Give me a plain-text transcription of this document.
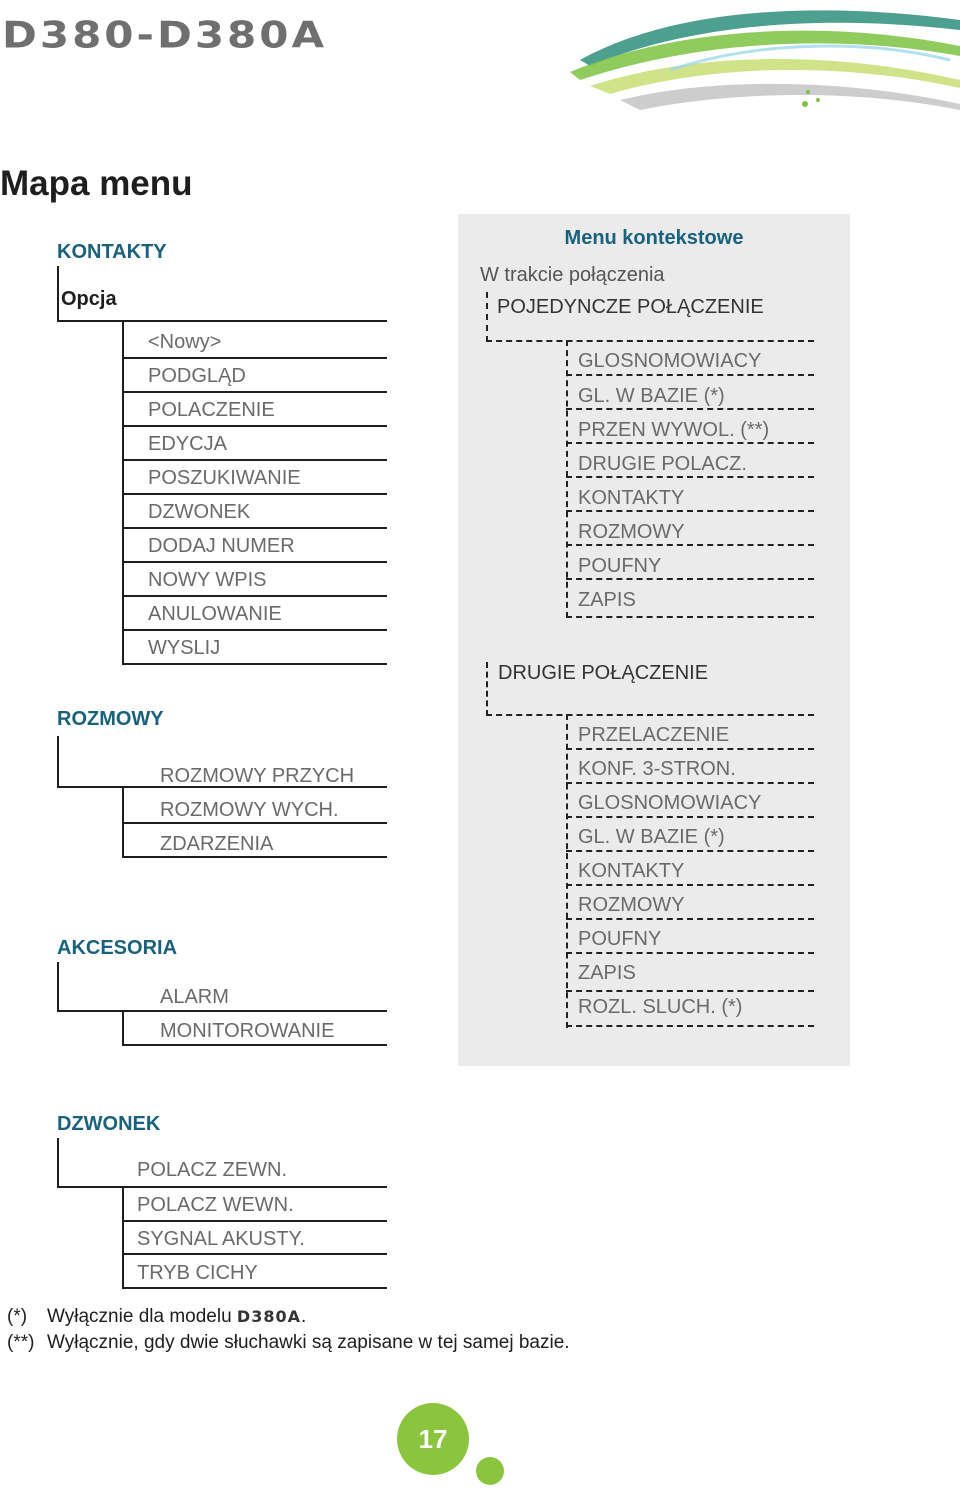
D380-D380A
Mapa menu
KONTAKTY
Opcja
<Nowy>
PODGLĄD
POLACZENIE
EDYCJA
POSZUKIWANIE
DZWONEK
DODAJ NUMER
NOWY WPIS
ANULOWANIE
WYSLIJ
ROZMOWY
ROZMOWY PRZYCH
ROZMOWY WYCH.
ZDARZENIA
AKCESORIA
ALARM
MONITOROWANIE
Menu kontekstowe
W trakcie połączenia
POJEDYNCZE POŁĄCZENIE
GLOSNOMOWIACY
GL. W BAZIE (*)
PRZEN WYWOL. (**)
DRUGIE POLACZ.
KONTAKTY
ROZMOWY
POUFNY
ZAPIS
DRUGIE POŁĄCZENIE
PRZELACZENIE
KONF. 3-STRON.
GLOSNOMOWIACY
GL. W BAZIE (*)
KONTAKTY
ROZMOWY
POUFNY
ZAPIS
ROZL. SLUCH. (*)
DZWONEK
POLACZ ZEWN.
POLACZ WEWN.
SYGNAL AKUSTY.
TRYB CICHY
(*) Wyłącznie dla modelu D380A.
(**) Wyłącznie, gdy dwie słuchawki są zapisane w tej samej bazie.
17
